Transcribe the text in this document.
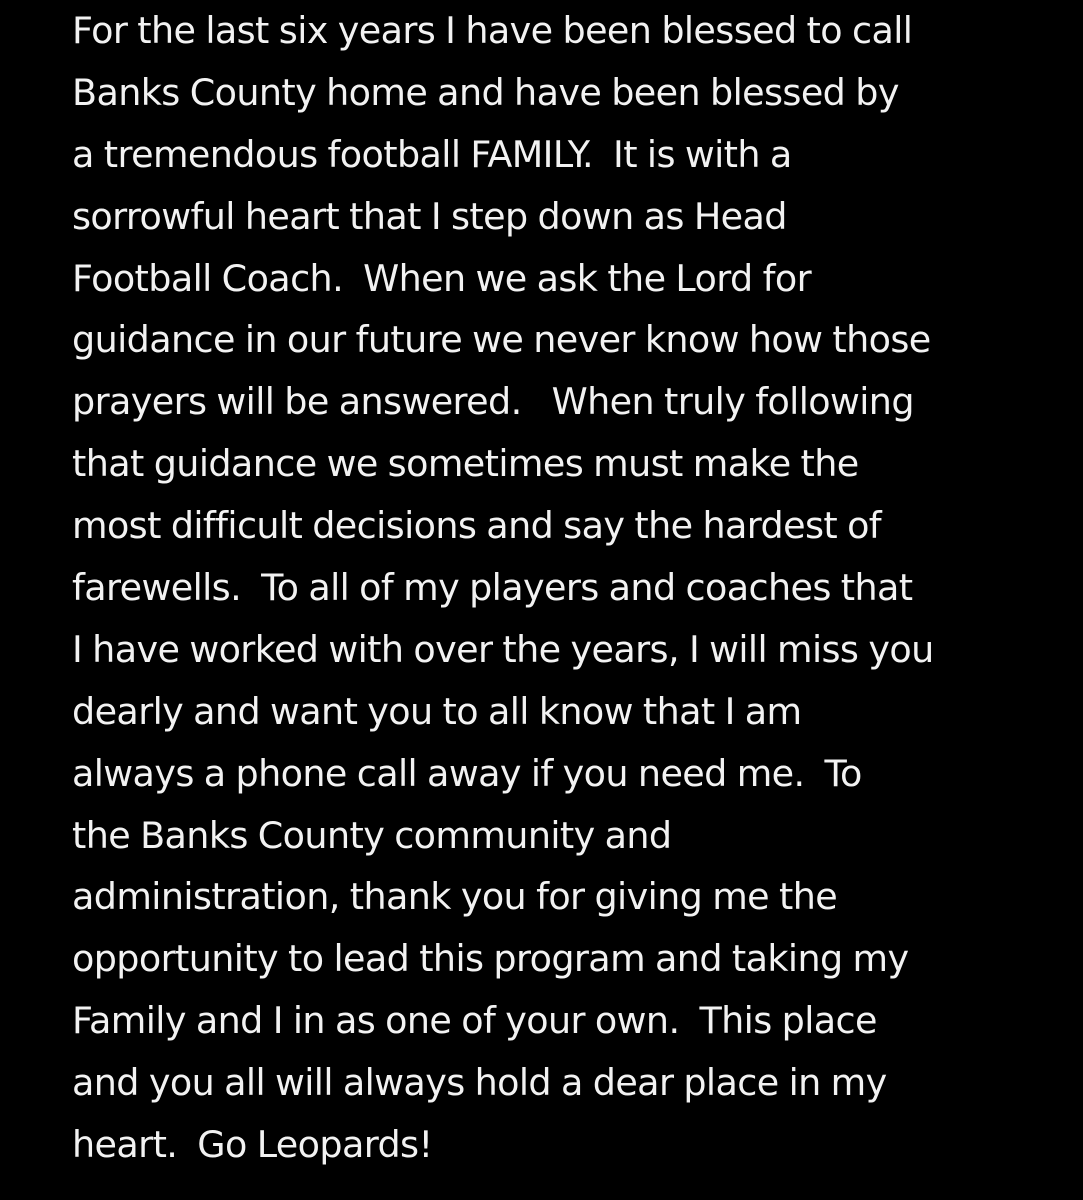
For the last six years I have been blessed to call
Banks County home and have been blessed by
a tremendous football FAMILY.  It is with a
sorrowful heart that I step down as Head
Football Coach.  When we ask the Lord for
guidance in our future we never know how those
prayers will be answered.   When truly following
that guidance we sometimes must make the
most difficult decisions and say the hardest of
farewells.  To all of my players and coaches that
I have worked with over the years, I will miss you
dearly and want you to all know that I am
always a phone call away if you need me.  To
the Banks County community and
administration, thank you for giving me the
opportunity to lead this program and taking my
Family and I in as one of your own.  This place
and you all will always hold a dear place in my
heart.  Go Leopards!
